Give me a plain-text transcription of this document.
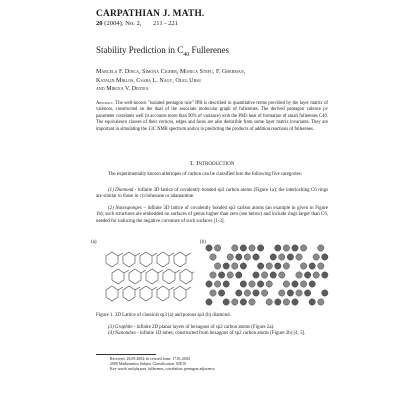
CARPATHIAN J. MATH.
20 (2004), No. 2, 211 - 221
Stability Prediction in $C_{40}$ Fullerenes
Marcela F. Dinca, Simona Cigher, Monica Stefu, F. Gherman,
Katalin Miklos, Csaba L. Nagy, Oleg Ursu
and Mircea V. Diudea
Abstract. The well-known "isolated pentagon rule" IPR is described in quantitative terms provided by the layer matrix of valences, constructed on the dual of the associate molecular graph of fullerenes. The derived pentagon valence pv parameter correlates well (it accounts more than 90% of variance) with the PM3 heat of formation of small fullerenes C40. The equivalence classes of their vertices, edges and faces are also deducible from some layer matrix invariants. They are important in simulating the 13C NMR spectrum and/or in predicting the products of addition reactions of fullerenes.
1. Introduction
The experimentally known allotropes of carbon can be classified into the following five categories:
(1) Diamond - infinite 3D lattice of covalently bonded sp3 carbon atoms (Figure 1a); the interlocking C6 rings are similar to those in cyclohexane or adamantine.
(2) Nanosponges – infinite 3D lattice of covalently bonded sp3 carbon atoms (an example in given in Figure 1b); such structures are embedded on surfaces of genus higher than zero (see below) and include rings larger than C6, needed for inducing the negative curvature of such surfaces [1-3].
(a)	(b)
Figure 1. 3D Lattice of classical sp3 (a) and porous sp3 (b) diamond.
(3) Graphite - infinite 2D planar layers of hexagons of sp2 carbon atoms (Figure 2a).
(4) Nanotubes - infinite 1D tubes, constructed from hexagons of sp2 carbon atoms (Figure 2b) [4, 5].
Received: 26.09.2004; In revised form: 17.01.2004
2000 Mathematics Subject Classification. 92E10
Key words and phrases. fullerenes, correlation, pentagon adjacency
